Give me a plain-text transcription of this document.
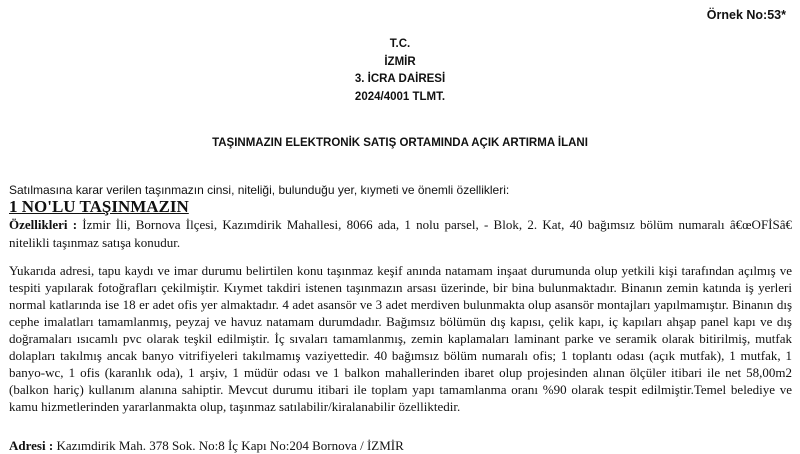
Örnek No:53*
T.C.
İZMİR
3. İCRA DAİRESİ
2024/4001 TLMT.
TAŞINMAZIN ELEKTRONİK SATIŞ ORTAMINDA AÇIK ARTIRMA İLANI
Satılmasına karar verilen taşınmazın cinsi, niteliği, bulunduğu yer, kıymeti ve önemli özellikleri:
1 NO'LU TAŞINMAZIN
Özellikleri : İzmir İli, Bornova İlçesi, Kazımdirik Mahallesi, 8066 ada, 1 nolu parsel, - Blok, 2. Kat, 40 bağımsız bölüm numaralı â€œOFİSâ€ nitelikli taşınmaz satışa konudur.
Yukarıda adresi, tapu kaydı ve imar durumu belirtilen konu taşınmaz keşif anında natamam inşaat durumunda olup yetkili kişi tarafından açılmış ve tespiti yapılarak fotoğrafları çekilmiştir. Kıymet takdiri istenen taşınmazın arsası üzerinde, bir bina bulunmaktadır. Binanın zemin katında iş yerleri normal katlarında ise 18 er adet ofis yer almaktadır. 4 adet asansör ve 3 adet merdiven bulunmakta olup asansör montajları yapılmamıştır. Binanın dış cephe imalatları tamamlanmış, peyzaj ve havuz natamam durumdadır. Bağımsız bölümün dış kapısı, çelik kapı, iç kapıları ahşap panel kapı ve dış doğramaları ısıcamlı pvc olarak teşkil edilmiştir. İç sıvaları tamamlanmış, zemin kaplamaları laminant parke ve seramik olarak bitirilmiş, mutfak dolapları takılmış ancak banyo vitrifiyeleri takılmamış vaziyettedir. 40 bağımsız bölüm numaralı ofis; 1 toplantı odası (açık mutfak), 1 mutfak, 1 banyo-wc, 1 ofis (karanlık oda), 1 arşiv, 1 müdür odası ve 1 balkon mahallerinden ibaret olup projesinden alınan ölçüler itibari ile net 58,00m2 (balkon hariç) kullanım alanına sahiptir. Mevcut durumu itibari ile toplam yapı tamamlanma oranı %90 olarak tespit edilmiştir.Temel belediye ve kamu hizmetlerinden yararlanmakta olup, taşınmaz satılabilir/kiralanabilir özelliktedir.
Adresi : Kazımdirik Mah. 378 Sok. No:8 İç Kapı No:204 Bornova / İZMİR
